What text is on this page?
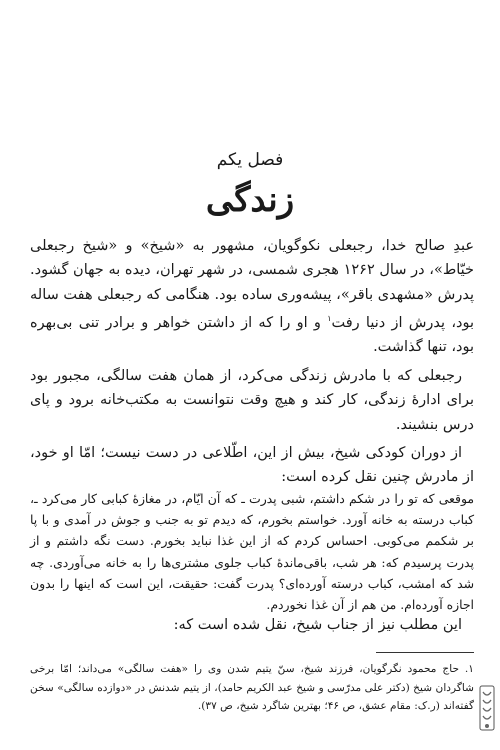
فصل یکم
زندگی

عبدِ صالح خدا، رجبعلی نکوگویان، مشهور به «شیخ» و «شیخ رجبعلی خیّاط»، در سال ۱۲۶۲ هجری شمسی، در شهر تهران، دیده به جهان گشود. پدرش «مشهدی باقر»، پیشه‌وری ساده بود. هنگامی که رجبعلی هفت ساله بود، پدرش از دنیا رفت$^۱$ و او را که از داشتن خواهر و برادر تنی بی‌بهره بود، تنها گذاشت.

رجبعلی که با مادرش زندگی می‌کرد، از همان هفت سالگی، مجبور بود برای ادارهٔ زندگی، کار کند و هیچ وقت نتوانست به مکتب‌خانه برود و پای درس بنشیند.

از دوران کودکی شیخ، بیش از این، اطّلاعی در دست نیست؛ امّا او خود، از مادرش چنین نقل کرده است:

موقعی که تو را در شکم داشتم، شبی پدرت ـ که آن ایّام، در مغازهٔ کبابی کار می‌کرد ـ، کباب درسته به خانه آورد. خواستم بخورم، که دیدم تو به جنب و جوش در آمدی و با پا بر شکمم می‌کوبی. احساس کردم که از این غذا نباید بخورم. دست نگه داشتم و از پدرت پرسیدم که: هر شب، باقی‌ماندهٔ کباب جلوی مشتری‌ها را به خانه می‌آوردی. چه شد که امشب، کباب درسته آورده‌ای؟ پدرت گفت: حقیقت، این است که اینها را بدون اجازه آورده‌ام. من هم از آن غذا نخوردم.
این مطلب نیز از جناب شیخ، نقل شده است که:
۱. حاج محمود نگرگویان، فرزند شیخ، سنّ یتیم شدن وی را «هفت سالگی» می‌داند؛ امّا برخی شاگردان شیخ (دکتر علی مدرّسی و شیخ عبد الکریم حامد)، از یتیم شدنش در «دوازده سالگی» سخن گفته‌اند (ر.ک: مقام عشق، ص ۴۶؛ بهترین شاگرد شیخ، ص ۳۷).
